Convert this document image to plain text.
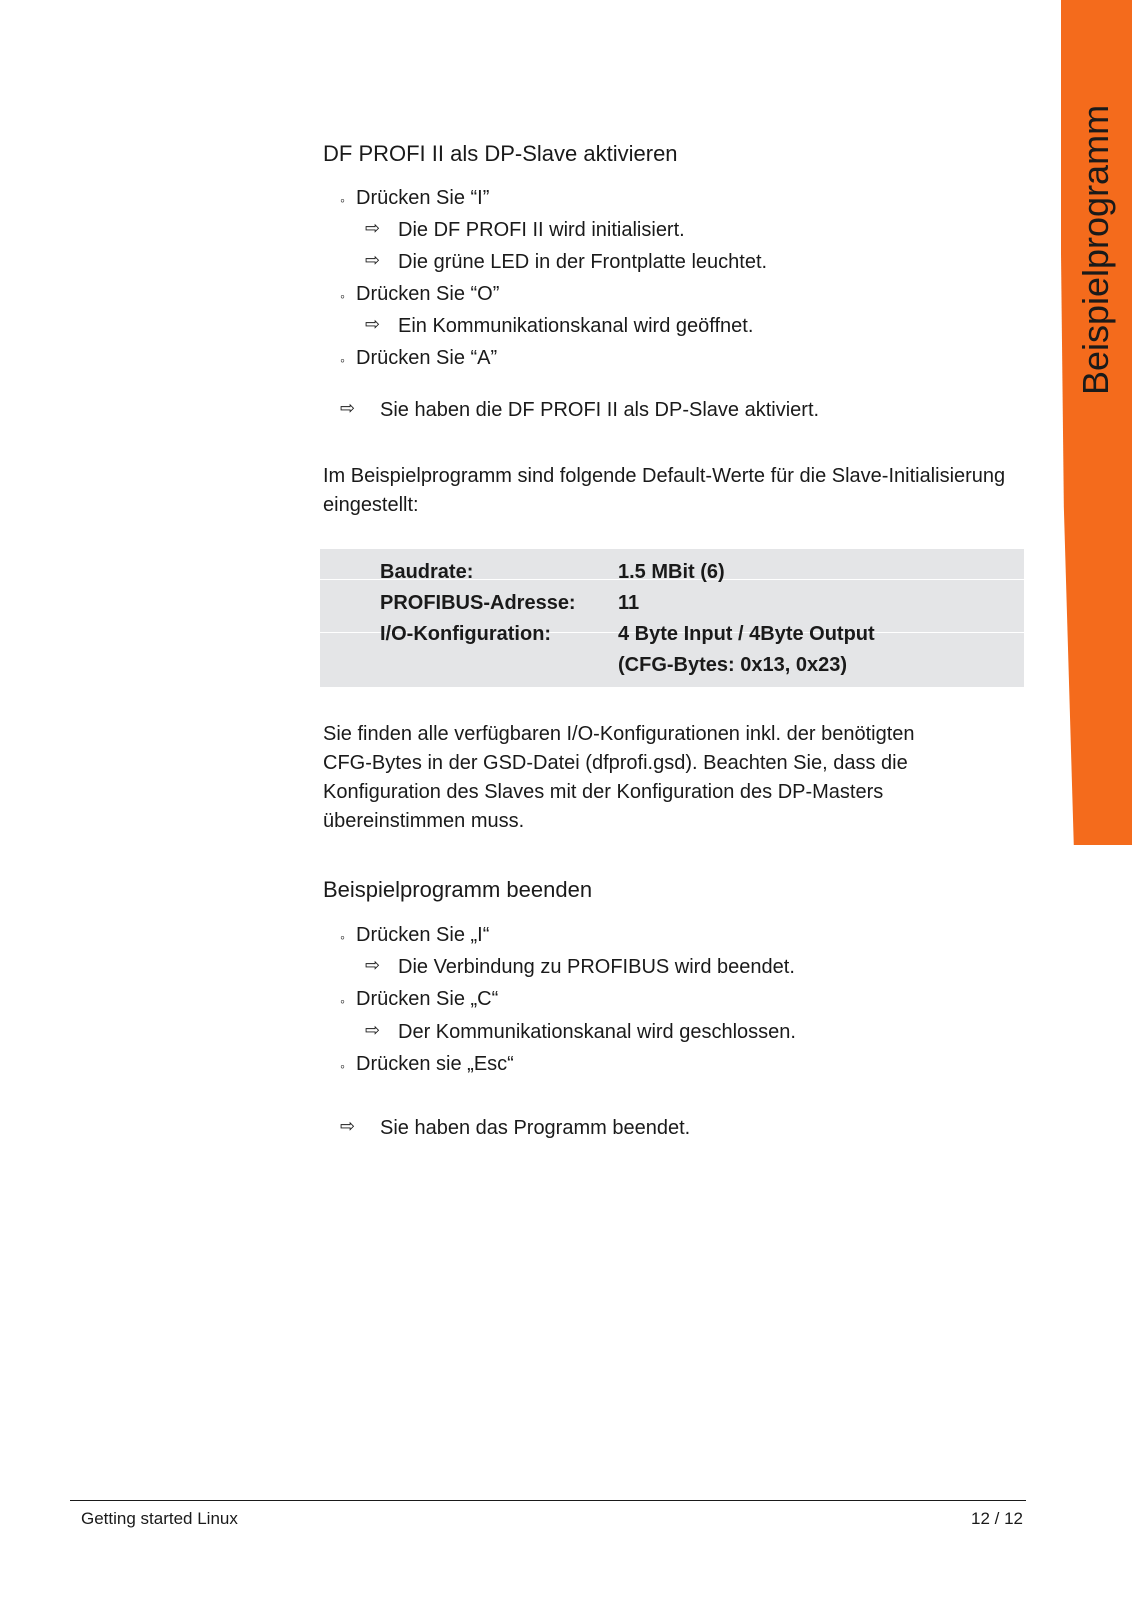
Beispielprogramm
DF PROFI II als DP-Slave aktivieren
◦ Drücken Sie “I”
⇨ Die DF PROFI II wird initialisiert.
⇨ Die grüne LED in der Frontplatte leuchtet.
◦ Drücken Sie “O”
⇨ Ein Kommunikationskanal wird geöffnet.
◦ Drücken Sie “A”
⇨ Sie haben die DF PROFI II als DP-Slave aktiviert.

Im Beispielprogramm sind folgende Default-Werte für die Slave-Initialisierung eingestellt:

Baudrate:	1.5 MBit (6)
PROFIBUS-Adresse: 11
I/O-Konfiguration:	4 Byte Input / 4Byte Output
(CFG-Bytes: 0x13, 0x23)

Sie finden alle verfügbaren I/O-Konfigurationen inkl. der benötigten CFG-Bytes in der GSD-Datei (dfprofi.gsd). Beachten Sie, dass die Konfiguration des Slaves mit der Konfiguration des DP-Masters übereinstimmen muss.

Beispielprogramm beenden
◦ Drücken Sie „I“
⇨ Die Verbindung zu PROFIBUS wird beendet.
◦ Drücken Sie „C“
⇨ Der Kommunikationskanal wird geschlossen.
◦ Drücken sie „Esc“
⇨ Sie haben das Programm beendet.
Getting started Linux	12 / 12
